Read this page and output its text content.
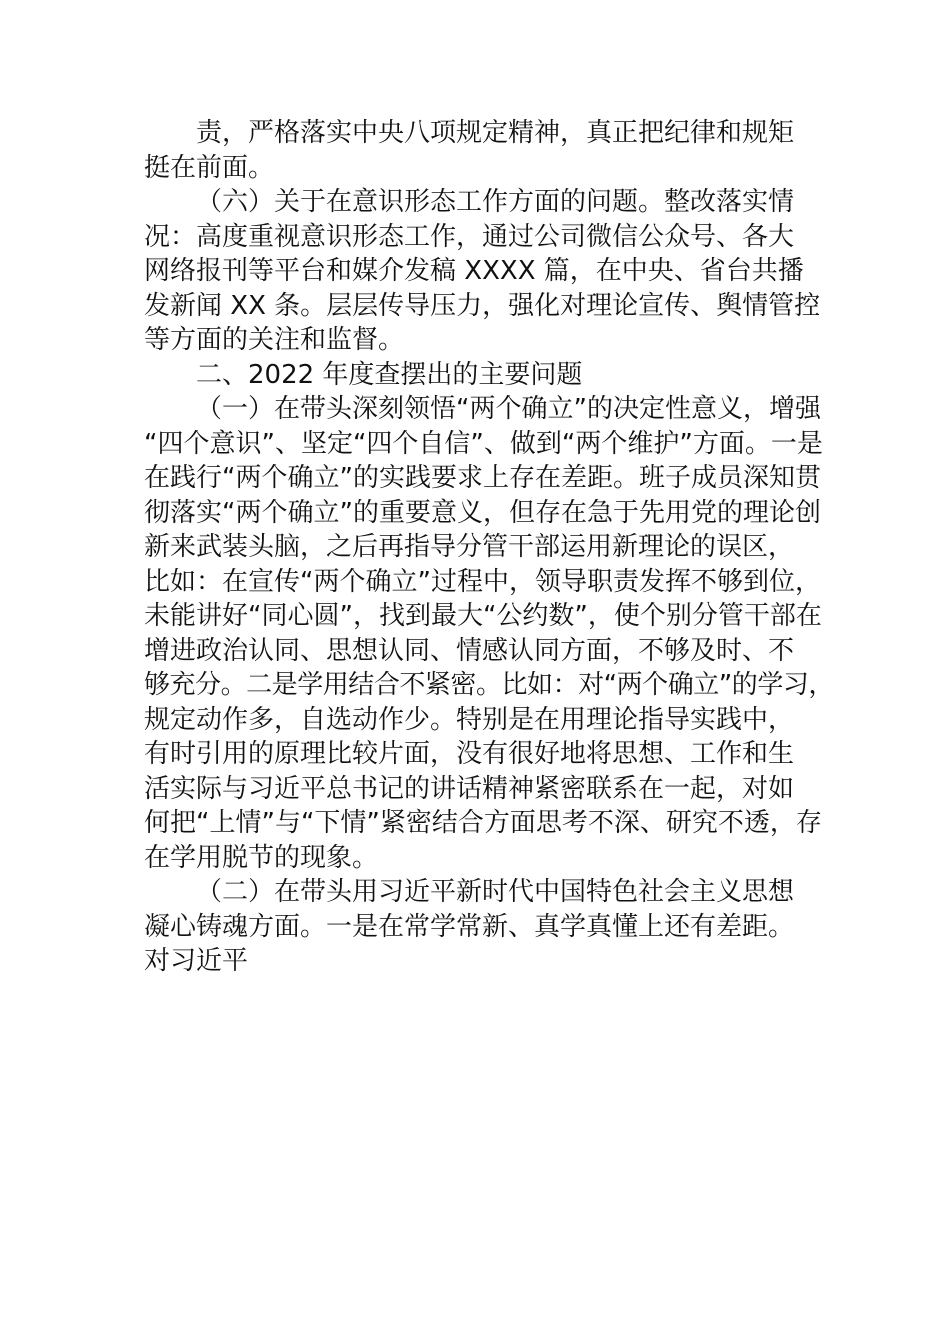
责，严格落实中央八项规定精神，真正把纪律和规矩
挺在前面。
（六）关于在意识形态工作方面的问题。整改落实情
况：高度重视意识形态工作，通过公司微信公众号、各大
网络报刊等平台和媒介发稿 XXXX 篇，在中央、省台共播
发新闻 XX 条。层层传导压力，强化对理论宣传、舆情管控
等方面的关注和监督。
二、2022 年度查摆出的主要问题
（一）在带头深刻领悟“两个确立”的决定性意义，增强
“四个意识”、坚定“四个自信”、做到“两个维护”方面。一是
在践行“两个确立”的实践要求上存在差距。班子成员深知贯
彻落实“两个确立”的重要意义，但存在急于先用党的理论创
新来武装头脑，之后再指导分管干部运用新理论的误区，
比如：在宣传“两个确立”过程中，领导职责发挥不够到位，
未能讲好“同心圆”，找到最大“公约数”，使个别分管干部在
增进政治认同、思想认同、情感认同方面，不够及时、不
够充分。二是学用结合不紧密。比如：对“两个确立”的学习，
规定动作多，自选动作少。特别是在用理论指导实践中，
有时引用的原理比较片面，没有很好地将思想、工作和生
活实际与习近平总书记的讲话精神紧密联系在一起，对如
何把“上情”与“下情”紧密结合方面思考不深、研究不透，存
在学用脱节的现象。
（二）在带头用习近平新时代中国特色社会主义思想
凝心铸魂方面。一是在常学常新、真学真懂上还有差距。
对习近平
